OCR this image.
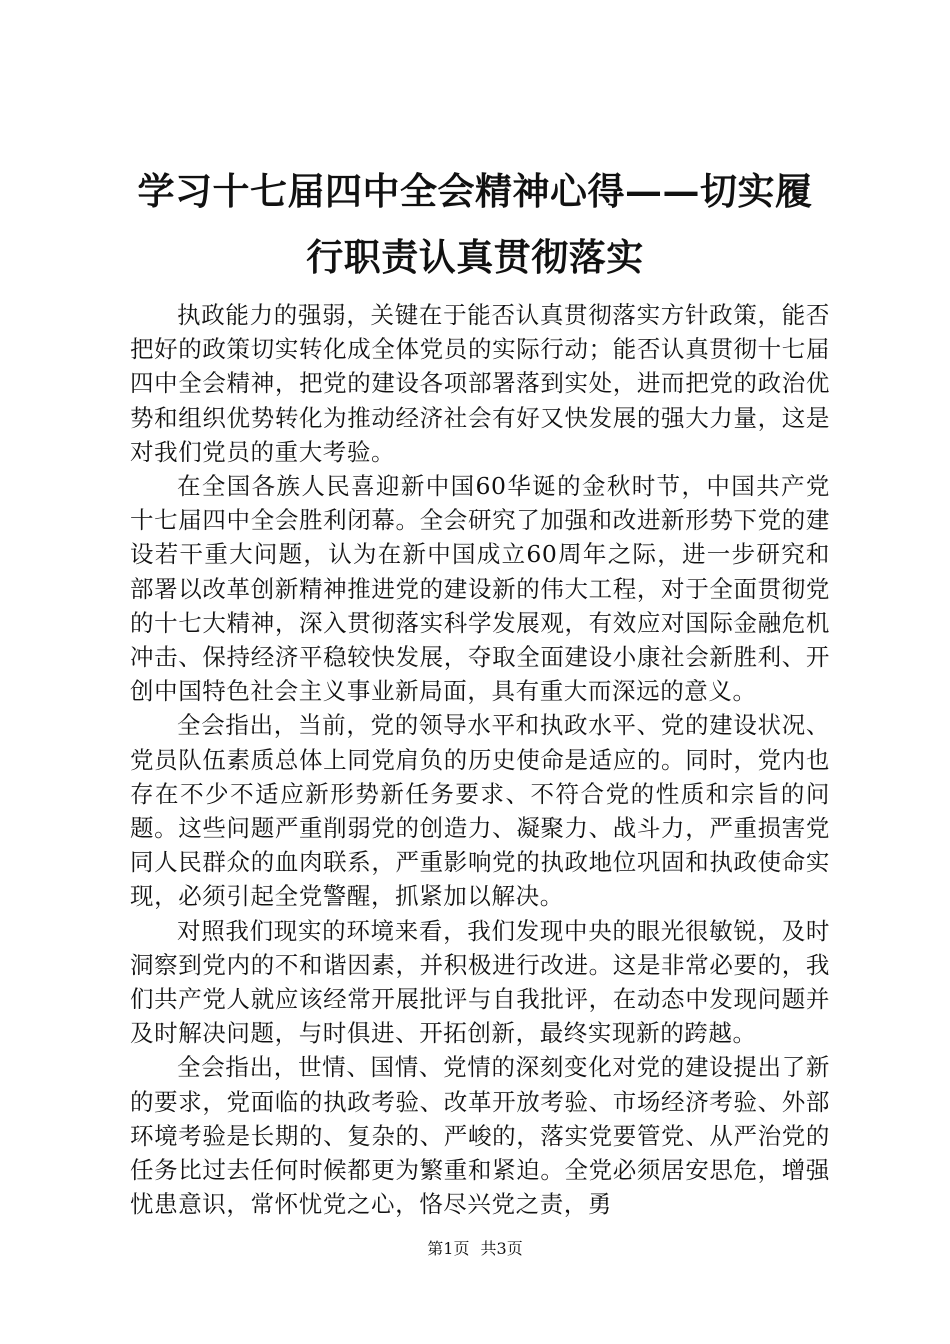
学习十七届四中全会精神心得——切实履行职责认真贯彻落实

执政能力的强弱，关键在于能否认真贯彻落实方针政策，能否把好的政策切实转化成全体党员的实际行动；能否认真贯彻十七届四中全会精神，把党的建设各项部署落到实处，进而把党的政治优势和组织优势转化为推动经济社会有好又快发展的强大力量，这是对我们党员的重大考验。

在全国各族人民喜迎新中国60华诞的金秋时节，中国共产党十七届四中全会胜利闭幕。全会研究了加强和改进新形势下党的建设若干重大问题，认为在新中国成立60周年之际，进一步研究和部署以改革创新精神推进党的建设新的伟大工程，对于全面贯彻党的十七大精神，深入贯彻落实科学发展观，有效应对国际金融危机冲击、保持经济平稳较快发展，夺取全面建设小康社会新胜利、开创中国特色社会主义事业新局面，具有重大而深远的意义。

全会指出，当前，党的领导水平和执政水平、党的建设状况、党员队伍素质总体上同党肩负的历史使命是适应的。同时，党内也存在不少不适应新形势新任务要求、不符合党的性质和宗旨的问题。这些问题严重削弱党的创造力、凝聚力、战斗力，严重损害党同人民群众的血肉联系，严重影响党的执政地位巩固和执政使命实现，必须引起全党警醒，抓紧加以解决。

对照我们现实的环境来看，我们发现中央的眼光很敏锐，及时洞察到党内的不和谐因素，并积极进行改进。这是非常必要的，我们共产党人就应该经常开展批评与自我批评，在动态中发现问题并及时解决问题，与时俱进、开拓创新，最终实现新的跨越。

全会指出，世情、国情、党情的深刻变化对党的建设提出了新的要求，党面临的执政考验、改革开放考验、市场经济考验、外部环境考验是长期的、复杂的、严峻的，落实党要管党、从严治党的任务比过去任何时候都更为繁重和紧迫。全党必须居安思危，增强忧患意识，常怀忧党之心，恪尽兴党之责，勇

第1页 共3页
